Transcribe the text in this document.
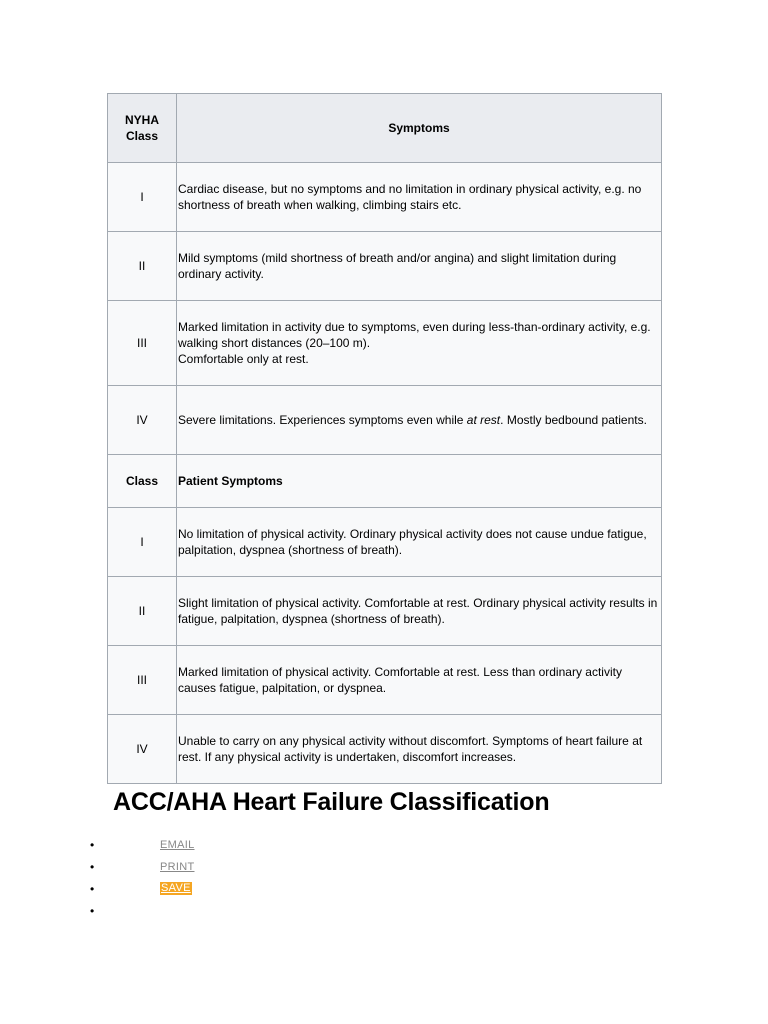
NYHA
Class	Symptoms
I	Cardiac disease, but no symptoms and no limitation in ordinary physical activity, e.g. no shortness of breath when walking, climbing stairs etc.
II	Mild symptoms (mild shortness of breath and/or angina) and slight limitation during ordinary activity.
III	Marked limitation in activity due to symptoms, even during less-than-ordinary activity, e.g. walking short distances (20–100 m).
Comfortable only at rest.
IV	Severe limitations. Experiences symptoms even while at rest. Mostly bedbound patients.
Class	Patient Symptoms
I	No limitation of physical activity. Ordinary physical activity does not cause undue fatigue, palpitation, dyspnea (shortness of breath).
II	Slight limitation of physical activity. Comfortable at rest. Ordinary physical activity results in fatigue, palpitation, dyspnea (shortness of breath).
III	Marked limitation of physical activity. Comfortable at rest. Less than ordinary activity causes fatigue, palpitation, or dyspnea.
IV	Unable to carry on any physical activity without discomfort. Symptoms of heart failure at rest. If any physical activity is undertaken, discomfort increases.
ACC/AHA Heart Failure Classification
•	EMAIL
•	PRINT
•	SAVE
•
